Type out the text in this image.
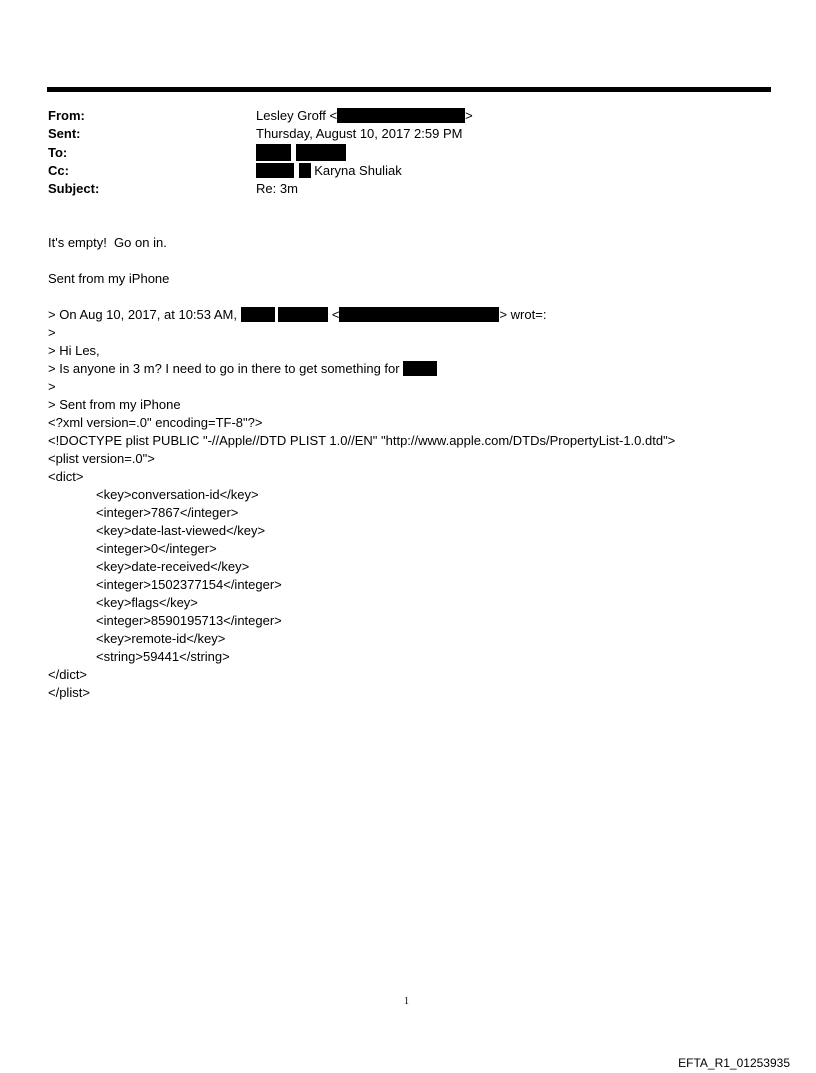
From:	Lesley Groff <	>
Sent:	Thursday, August 10, 2017 2:59 PM
To:

Cc:	Karyna Shuliak
Subject:	Re: 3m
It's empty!  Go on in.
Sent from my iPhone
> On Aug 10, 2017, at 10:53 AM,	<	> wrot=:
>
> Hi Les,
> Is anyone in 3 m? I need to go in there to get something for
>
> Sent from my iPhone
<?xml version=.0" encoding=TF-8"?>
<!DOCTYPE plist PUBLIC "-//Apple//DTD PLIST 1.0//EN" "http://www.apple.com/DTDs/PropertyList-1.0.dtd">
<plist version=.0">
<dict>
<key>conversation-id</key>
<integer>7867</integer>
<key>date-last-viewed</key>
<integer>0</integer>
<key>date-received</key>
<integer>1502377154</integer>
<key>flags</key>
<integer>8590195713</integer>
<key>remote-id</key>
<string>59441</string>
</dict>
</plist>
1
EFTA_R1_01253935
